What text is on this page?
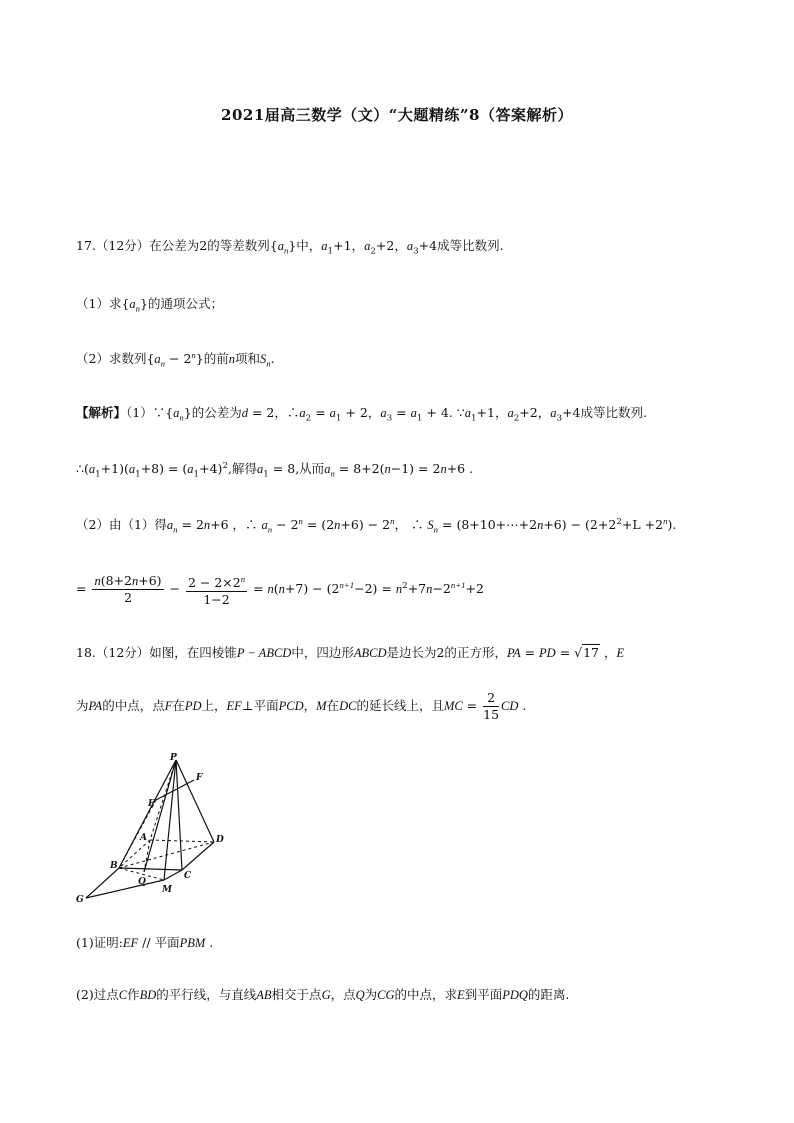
2021届高三数学（文）“大题精练”8（答案解析）
17.（12分）在公差为2的等差数列$\{a_n\}$中，$a_1+1$，$a_2+2$，$a_3+4$成等比数列.
（1）求$\{a_n\}$的通项公式；
（2）求数列$\{a_n - 2^n\}$的前n项和$S_n$.
【解析】$(1)\because\{a_n\}$的公差为d = 2，$\therefore a_2 = a_1 + 2$，$a_3 = a_1 + 4$. $\because a_1+1$，$a_2+2$，$a_3+4$成等比数列.
$\therefore(a_1+1)(a_1+8) = (a_1+4)^2$,解得$a_1 = 8$,从而$a_n = 8+2(n-1) = 2n+6$ .
（2）由（1）得$a_n = 2n+6$ ，∴ $a_n - 2^n = (2n+6) - 2^n$， ∴ $S_n$ = (8+10+⋯+2n+6) − $(2+2^2+L +2^n)$.
= $\frac{n(8+2n+6)}{2} - \frac{2 - 2\times 2^n}{1-2} = n(n+7) - (2^{n+1}-2) = n^2+7n-2^{n+1}+2$
18.（12分）如图，在四棱锥P − ABCD中，四边形ABCD是边长为2的正方形，PA = PD = √17 ，E
为PA的中点，点F在PD上，EF⊥平面PCD，M在DC的延长线上，且MC = $\frac{2}{15}$ CD .
P
F
E
A	D
B
C
Q
M
G
(1)证明:EF // 平面PBM .
(2)过点C作BD的平行线，与直线AB相交于点G，点Q为CG的中点，求E到平面PDQ的距离.
